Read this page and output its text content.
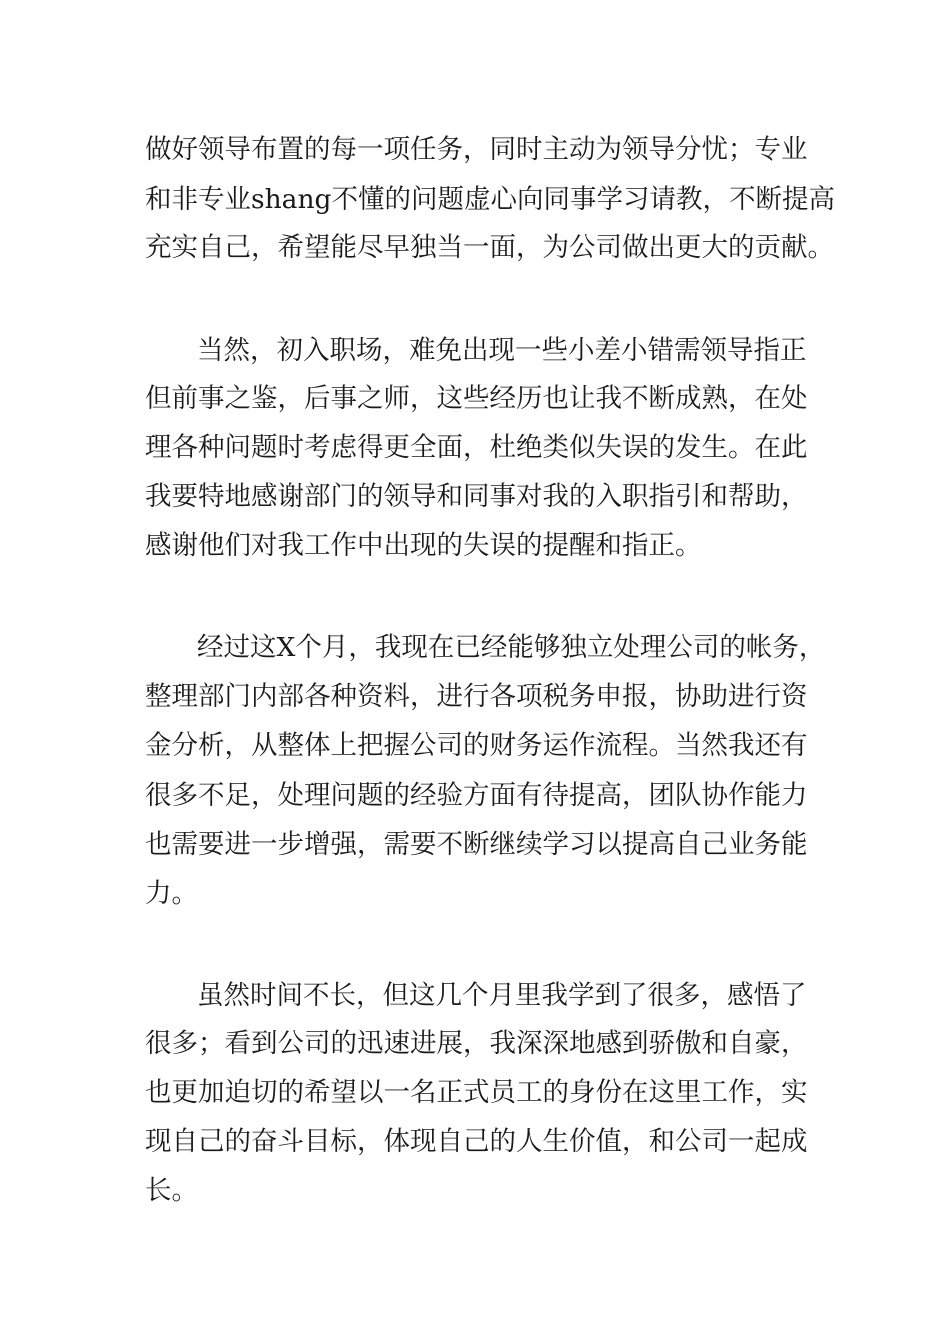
做好领导布置的每一项任务，同时主动为领导分忧；专业
和非专业shang不懂的问题虚心向同事学习请教，不断提高
充实自己，希望能尽早独当一面，为公司做出更大的贡献。
当然，初入职场，难免出现一些小差小错需领导指正
但前事之鉴，后事之师，这些经历也让我不断成熟，在处
理各种问题时考虑得更全面，杜绝类似失误的发生。在此
我要特地感谢部门的领导和同事对我的入职指引和帮助，
感谢他们对我工作中出现的失误的提醒和指正。
经过这X个月，我现在已经能够独立处理公司的帐务，
整理部门内部各种资料，进行各项税务申报，协助进行资
金分析，从整体上把握公司的财务运作流程。当然我还有
很多不足，处理问题的经验方面有待提高，团队协作能力
也需要进一步增强，需要不断继续学习以提高自己业务能
力。
虽然时间不长，但这几个月里我学到了很多，感悟了
很多；看到公司的迅速进展，我深深地感到骄傲和自豪，
也更加迫切的希望以一名正式员工的身份在这里工作，实
现自己的奋斗目标，体现自己的人生价值，和公司一起成
长。
